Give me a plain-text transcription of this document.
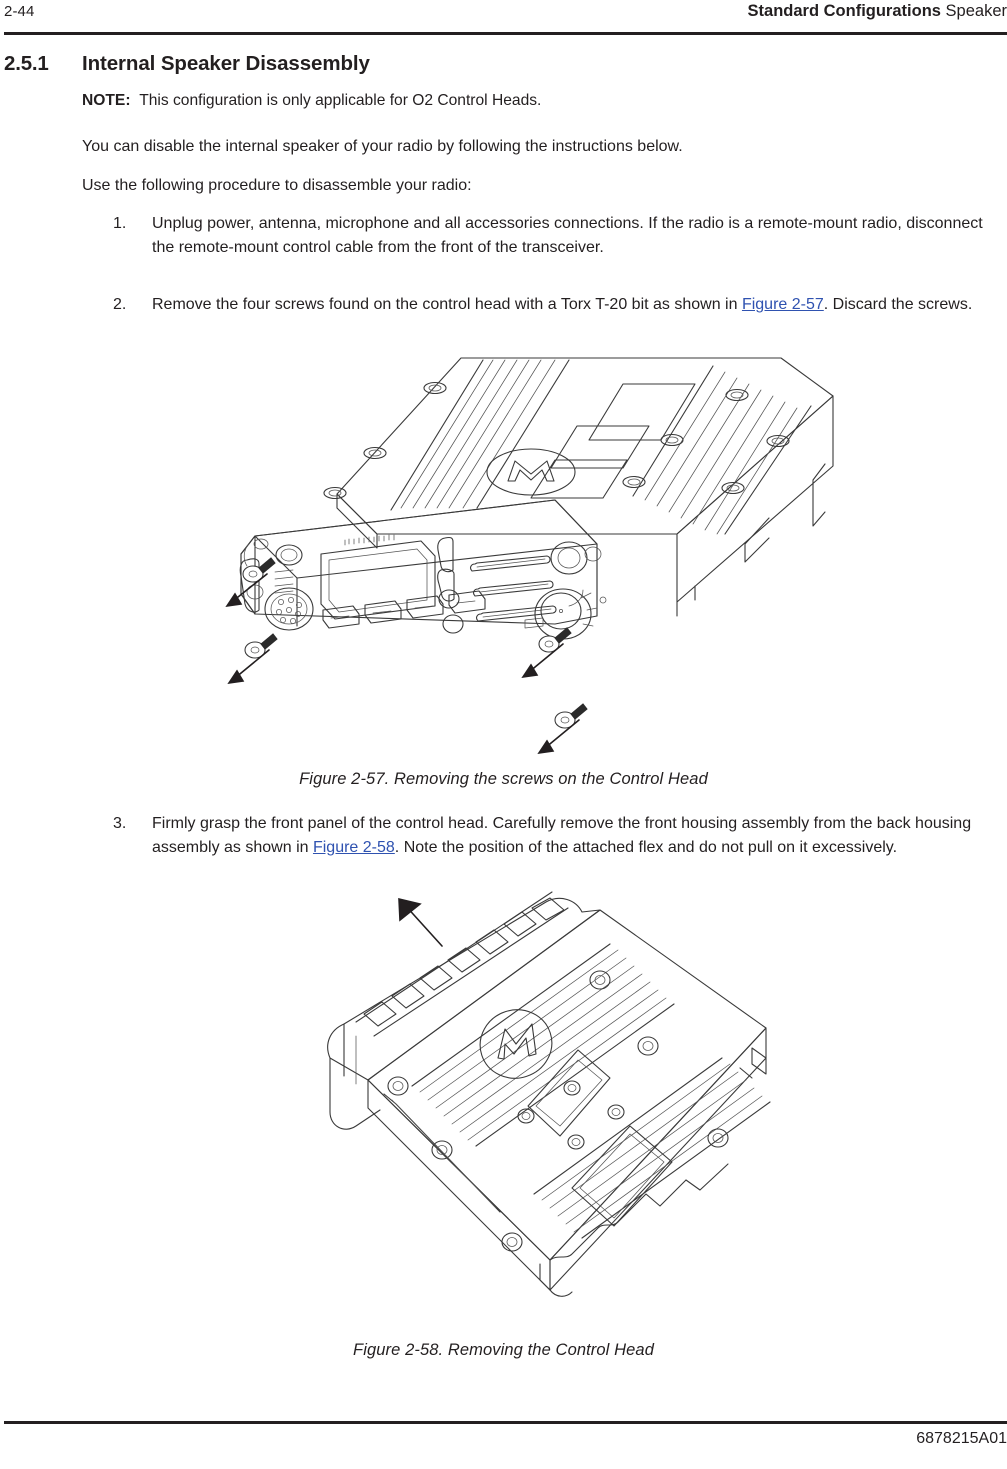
2-44	Standard Configurations Speaker
2.5.1 Internal Speaker Disassembly
NOTE: This configuration is only applicable for O2 Control Heads.
You can disable the internal speaker of your radio by following the instructions below.
Use the following procedure to disassemble your radio:
1.	Unplug power, antenna, microphone and all accessories connections. If the radio is a remote-mount radio, disconnect the remote-mount control cable from the front of the transceiver.
2.	Remove the four screws found on the control head with a Torx T-20 bit as shown in Figure 2-57. Discard the screws.
Figure 2-57. Removing the screws on the Control Head
3.	Firmly grasp the front panel of the control head. Carefully remove the front housing assembly from the back housing assembly as shown in Figure 2-58. Note the position of the attached flex and do not pull on it excessively.
Figure 2-58. Removing the Control Head
6878215A01
